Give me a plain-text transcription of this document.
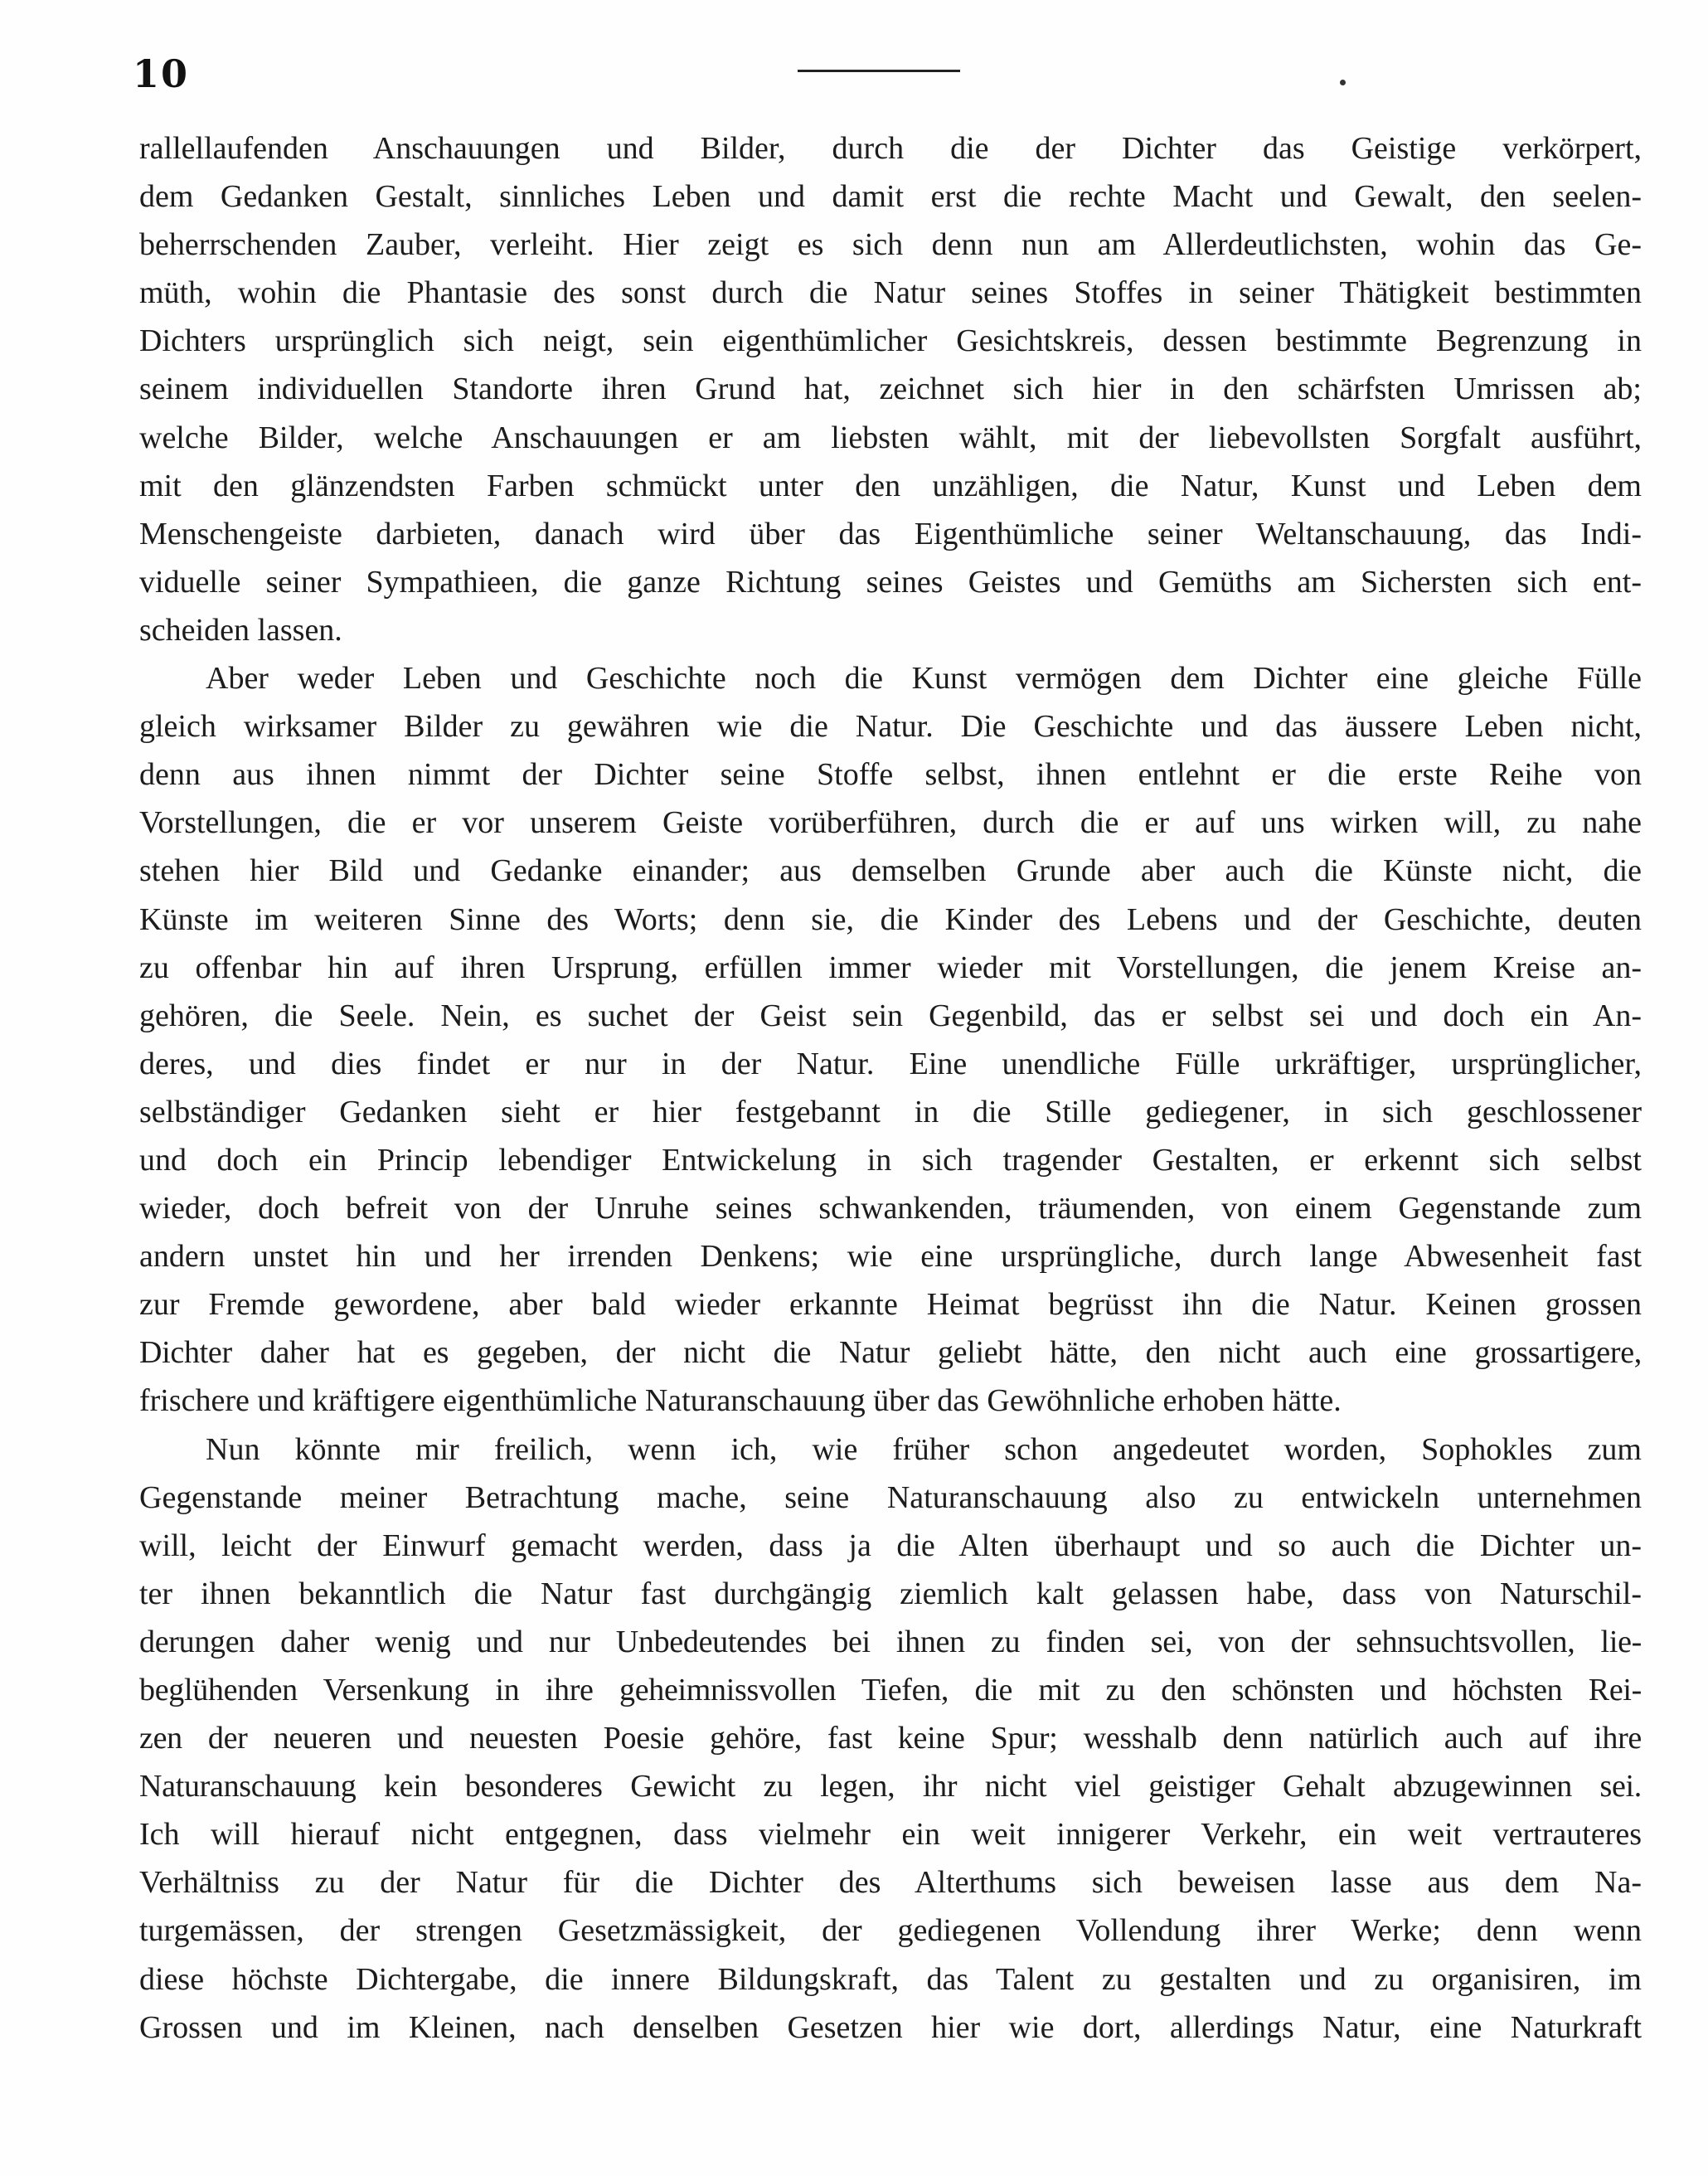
10
rallellaufenden Anschauungen und Bilder, durch die der Dichter das Geistige verkörpert,
dem Gedanken Gestalt, sinnliches Leben und damit erst die rechte Macht und Gewalt, den seelen-
beherrschenden Zauber, verleiht. Hier zeigt es sich denn nun am Allerdeutlichsten, wohin das Ge-
müth, wohin die Phantasie des sonst durch die Natur seines Stoffes in seiner Thätigkeit bestimmten
Dichters ursprünglich sich neigt, sein eigenthümlicher Gesichtskreis, dessen bestimmte Begrenzung in
seinem individuellen Standorte ihren Grund hat, zeichnet sich hier in den schärfsten Umrissen ab;
welche Bilder, welche Anschauungen er am liebsten wählt, mit der liebevollsten Sorgfalt ausführt,
mit den glänzendsten Farben schmückt unter den unzähligen, die Natur, Kunst und Leben dem
Menschengeiste darbieten, danach wird über das Eigenthümliche seiner Weltanschauung, das Indi-
viduelle seiner Sympathieen, die ganze Richtung seines Geistes und Gemüths am Sichersten sich ent-
scheiden lassen.
Aber weder Leben und Geschichte noch die Kunst vermögen dem Dichter eine gleiche Fülle
gleich wirksamer Bilder zu gewähren wie die Natur. Die Geschichte und das äussere Leben nicht,
denn aus ihnen nimmt der Dichter seine Stoffe selbst, ihnen entlehnt er die erste Reihe von
Vorstellungen, die er vor unserem Geiste vorüberführen, durch die er auf uns wirken will, zu nahe
stehen hier Bild und Gedanke einander; aus demselben Grunde aber auch die Künste nicht, die
Künste im weiteren Sinne des Worts; denn sie, die Kinder des Lebens und der Geschichte, deuten
zu offenbar hin auf ihren Ursprung, erfüllen immer wieder mit Vorstellungen, die jenem Kreise an-
gehören, die Seele. Nein, es suchet der Geist sein Gegenbild, das er selbst sei und doch ein An-
deres, und dies findet er nur in der Natur. Eine unendliche Fülle urkräftiger, ursprünglicher,
selbständiger Gedanken sieht er hier festgebannt in die Stille gediegener, in sich geschlossener
und doch ein Princip lebendiger Entwickelung in sich tragender Gestalten, er erkennt sich selbst
wieder, doch befreit von der Unruhe seines schwankenden, träumenden, von einem Gegenstande zum
andern unstet hin und her irrenden Denkens; wie eine ursprüngliche, durch lange Abwesenheit fast
zur Fremde gewordene, aber bald wieder erkannte Heimat begrüsst ihn die Natur. Keinen grossen
Dichter daher hat es gegeben, der nicht die Natur geliebt hätte, den nicht auch eine grossartigere,
frischere und kräftigere eigenthümliche Naturanschauung über das Gewöhnliche erhoben hätte.
Nun könnte mir freilich, wenn ich, wie früher schon angedeutet worden, Sophokles zum
Gegenstande meiner Betrachtung mache, seine Naturanschauung also zu entwickeln unternehmen
will, leicht der Einwurf gemacht werden, dass ja die Alten überhaupt und so auch die Dichter un-
ter ihnen bekanntlich die Natur fast durchgängig ziemlich kalt gelassen habe, dass von Naturschil-
derungen daher wenig und nur Unbedeutendes bei ihnen zu finden sei, von der sehnsuchtsvollen, lie-
beglühenden Versenkung in ihre geheimnissvollen Tiefen, die mit zu den schönsten und höchsten Rei-
zen der neueren und neuesten Poesie gehöre, fast keine Spur; wesshalb denn natürlich auch auf ihre
Naturanschauung kein besonderes Gewicht zu legen, ihr nicht viel geistiger Gehalt abzugewinnen sei.
Ich will hierauf nicht entgegnen, dass vielmehr ein weit innigerer Verkehr, ein weit vertrauteres
Verhältniss zu der Natur für die Dichter des Alterthums sich beweisen lasse aus dem Na-
turgemässen, der strengen Gesetzmässigkeit, der gediegenen Vollendung ihrer Werke; denn wenn
diese höchste Dichtergabe, die innere Bildungskraft, das Talent zu gestalten und zu organisiren, im
Grossen und im Kleinen, nach denselben Gesetzen hier wie dort, allerdings Natur, eine Naturkraft
